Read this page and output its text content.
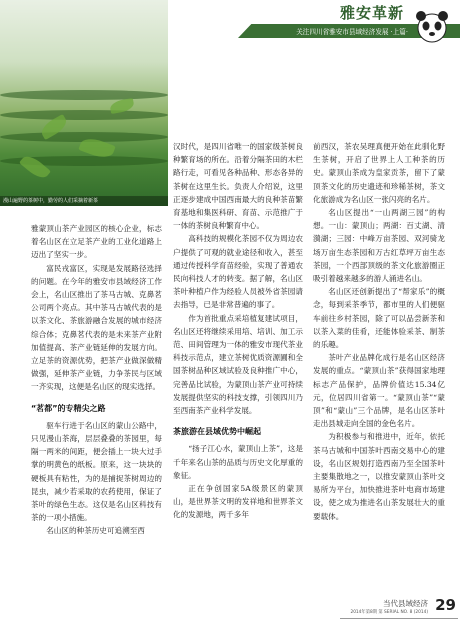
漫山遍野的茶树中，勤劳的人们采摘着新茶
雅安革新
关注四川省雅安市县域经济发展 ·上篇·

雅蒙顶山茶产业园区的核心企业，标志着名山区在立足茶产业的工业化道路上迈出了坚实一步。

富民戎富区，实现是发展路径选择的问题。在今年的雅安市县域经济工作会上，名山区推出了茶马古城、克鼻茗公司两个亮点。其中茶马古城代表的是以茶文化、茶旅游融合发展的城市经济综合体；克鼻茗代表的是未来茶产业附加值提高、茶产业链延伸的发展方向。立足茶的资源优势，把茶产业做深做精做强，延伸茶产业链，力争茶民与区域一齐实现，这便是名山区的现实选择。

“茗都”的专精尖之路

驱车行进于名山区的蒙山公路中，只见漫山茶海，层层叠叠的茶园里，每隔一两米的间距，便会插上一块大过手掌的明黄色的纸板。原来，这一块块的硬板具有粘性，为的是捕捉茶树周边的昆虫，减少若采取的农药使用，保证了茶叶的绿色生态。这仅是名山区科技有茶的一项小措施。

名山区的种茶历史可追溯至西

汉时代，是四川省唯一的国家级茶树良种繁育场的所在。沿着分隔茶田的木栏路行走，可看见各种品种、形态各异的茶树在这里生长。负责人介绍说，这里正逐步建成中国西南最大的良种茶苗繁育基地和集医科研、育苗、示范推广于一体的茶树良种繁育中心。

高科技的规模化茶园不仅为周边农户提供了可观的就业途径和收入，甚至通过传授科学育苗经验，实现了普通农民向科技人才的转变。据了解，名山区茶叶种植户作为经验人员被外省茶园请去指导，已是非常普遍的事了。

作为首批重点采培植复建试项目，名山区还将继续采用培、培训、加工示范、田间管理为一体的雅安市现代茶业科技示范点，建立茶树优质资源圃和全国茶树品种区域试验及良种推广中心，完善品比试验，为蒙顶山茶产业可持续发展提供坚实的科技支撑，引领四川乃至西南茶产业科学发展。

茶旅游在县域优势中崛起

“扬子江心水，蒙顶山上茶”，这是千年来名山茶的品质与历史文化厚重的象征。

正在争创国家5A级景区的蒙顶山，是世界茶文明的发祥地和世界茶文化的发源地，两千多年

前西汉，茶农吴理真便开始在此驯化野生茶树，开启了世界上人工种茶的历史。蒙顶山茶成为皇家贡茶，留下了蒙顶茶文化的历史遗迹和珍稀茶树，茶文化旅游成为名山区一张闪亮的名片。

名山区提出“一山两湖三园”的构想。一山：蒙顶山；两湖：百丈湖、清漪湖；三园：中峰万亩茶园、双河骑龙场万亩生态茶园和万古红草坪万亩生态茶园，一个西部顶级的茶文化旅游圈正吸引着越来越多的游人涌进名山。

名山区还创新提出了“帮家乐”的概念，每到采茶季节，都市里的人们便驱车前往乡村茶园，除了可以品尝新茶和以茶入菜的佳肴，还能体验采茶、制茶的乐趣。

茶叶产业品牌化成行是名山区经济发展的重点。“蒙顶山茶”获得国家地理标志产品保护，品牌价值达15.34亿元，位居四川省第一。“蒙顶山茶”“蒙顶”和“蒙山”三个品牌，是名山区茶叶走出县城走向全国的金色名片。

为积极参与和推进中，近年，依托茶马古城和中国茶叶西南交易中心的建设，名山区规划打造西南乃至全国茶叶主要集散地之一，以推安蒙顶山茶叶交易所为平台，加快推进茶叶电商市场建设，使之成为推进名山茶发展壮大的重要载体。

当代县域经济
2014年第8期 第 SERIAL NO. 8 (2014) 29
